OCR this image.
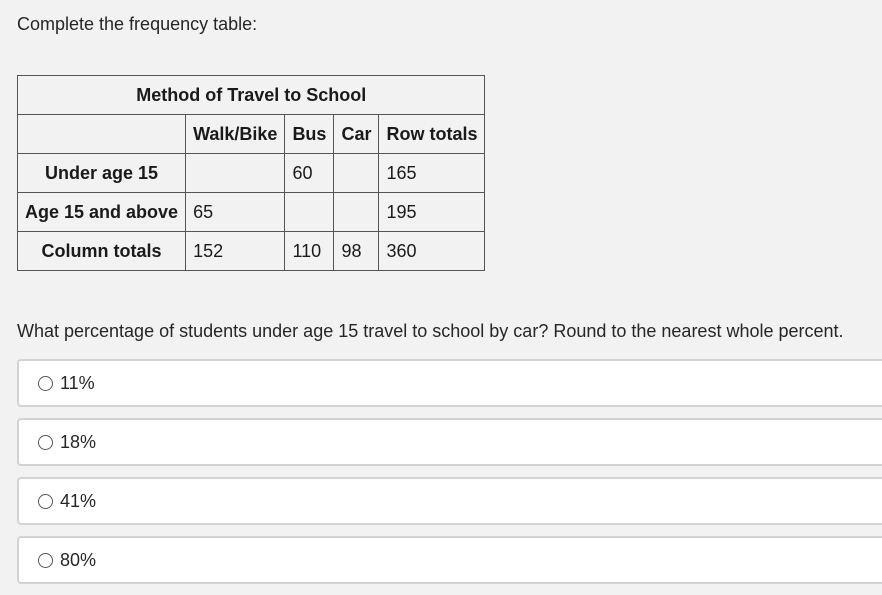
Complete the frequency table:
Method of Travel to School				
	Walk/Bike	Bus	Car	Row totals
Under age 15		60		165
Age 15 and above	65			195
Column totals	152	110	98	360
What percentage of students under age 15 travel to school by car? Round to the nearest whole percent.
11%
18%
41%
80%
